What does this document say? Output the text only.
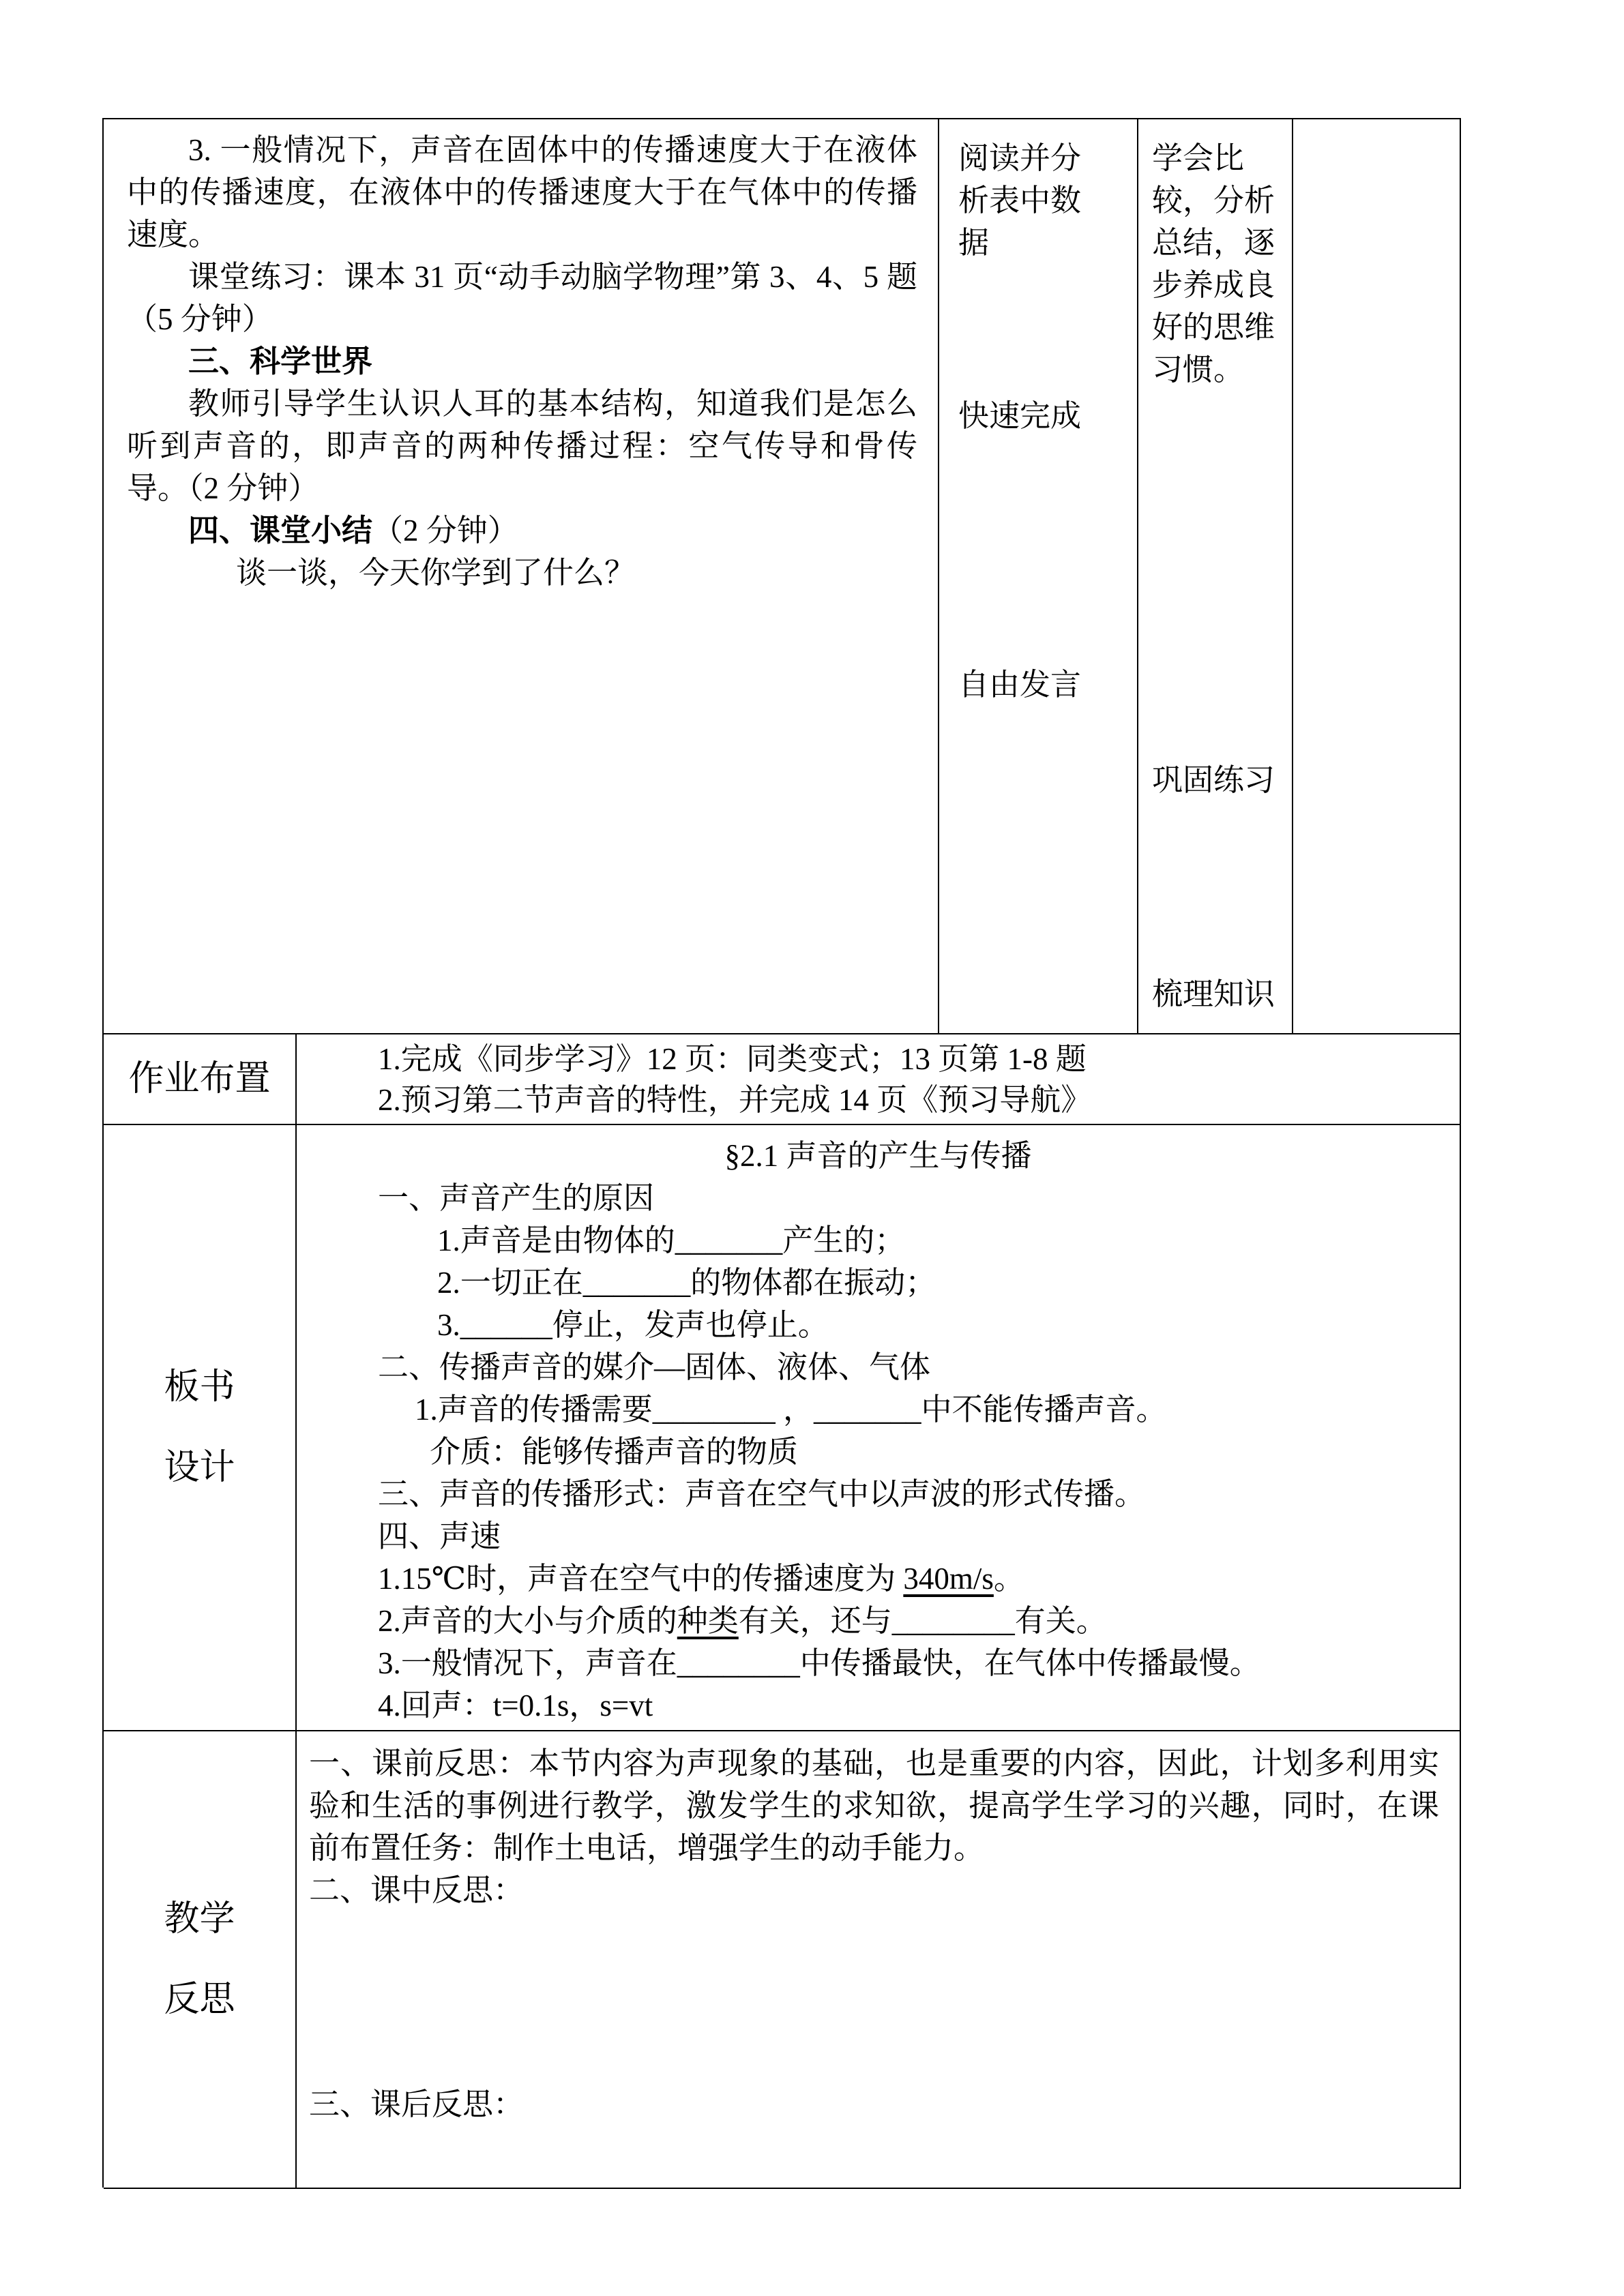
3. 一般情况下，声音在固体中的传播速度大于在液体中的传播速度，在液体中的传播速度大于在气体中的传播速度。

课堂练习：课本 31 页“动手动脑学物理”第 3、4、5 题（5 分钟）

三、科学世界

教师引导学生认识人耳的基本结构，知道我们是怎么听到声音的，即声音的两种传播过程：空气传导和骨传导。（2 分钟）

四、课堂小结（2 分钟）

谈一谈，今天你学到了什么？

阅读并分析表中数据
快速完成
自由发言
学会比较，分析总结，逐步养成良好的思维习惯。
巩固练习
梳理知识
作业布置

1.完成《同步学习》12 页：同类变式；13 页第 1-8 题

2.预习第二节声音的特性，并完成 14 页《预习导航》

板书
设计

§2.1 声音的产生与传播

一、声音产生的原因

1.声音是由物体的_______产生的；

2.一切正在_______的物体都在振动；

3.______停止，发声也停止。

二、传播声音的媒介—固体、液体、气体

1.声音的传播需要________ ，_______中不能传播声音。

介质：能够传播声音的物质

三、声音的传播形式：声音在空气中以声波的形式传播。

四、声速

1.15℃时，声音在空气中的传播速度为 340m/s。

2.声音的大小与介质的种类有关，还与________有关。

3.一般情况下，声音在________中传播最快，在气体中传播最慢。

4.回声：t=0.1s，s=vt

教学
反思

一、课前反思：本节内容为声现象的基础，也是重要的内容，因此，计划多利用实验和生活的事例进行教学，激发学生的求知欲，提高学生学习的兴趣，同时，在课前布置任务：制作土电话，增强学生的动手能力。

二、课中反思：

三、课后反思：
